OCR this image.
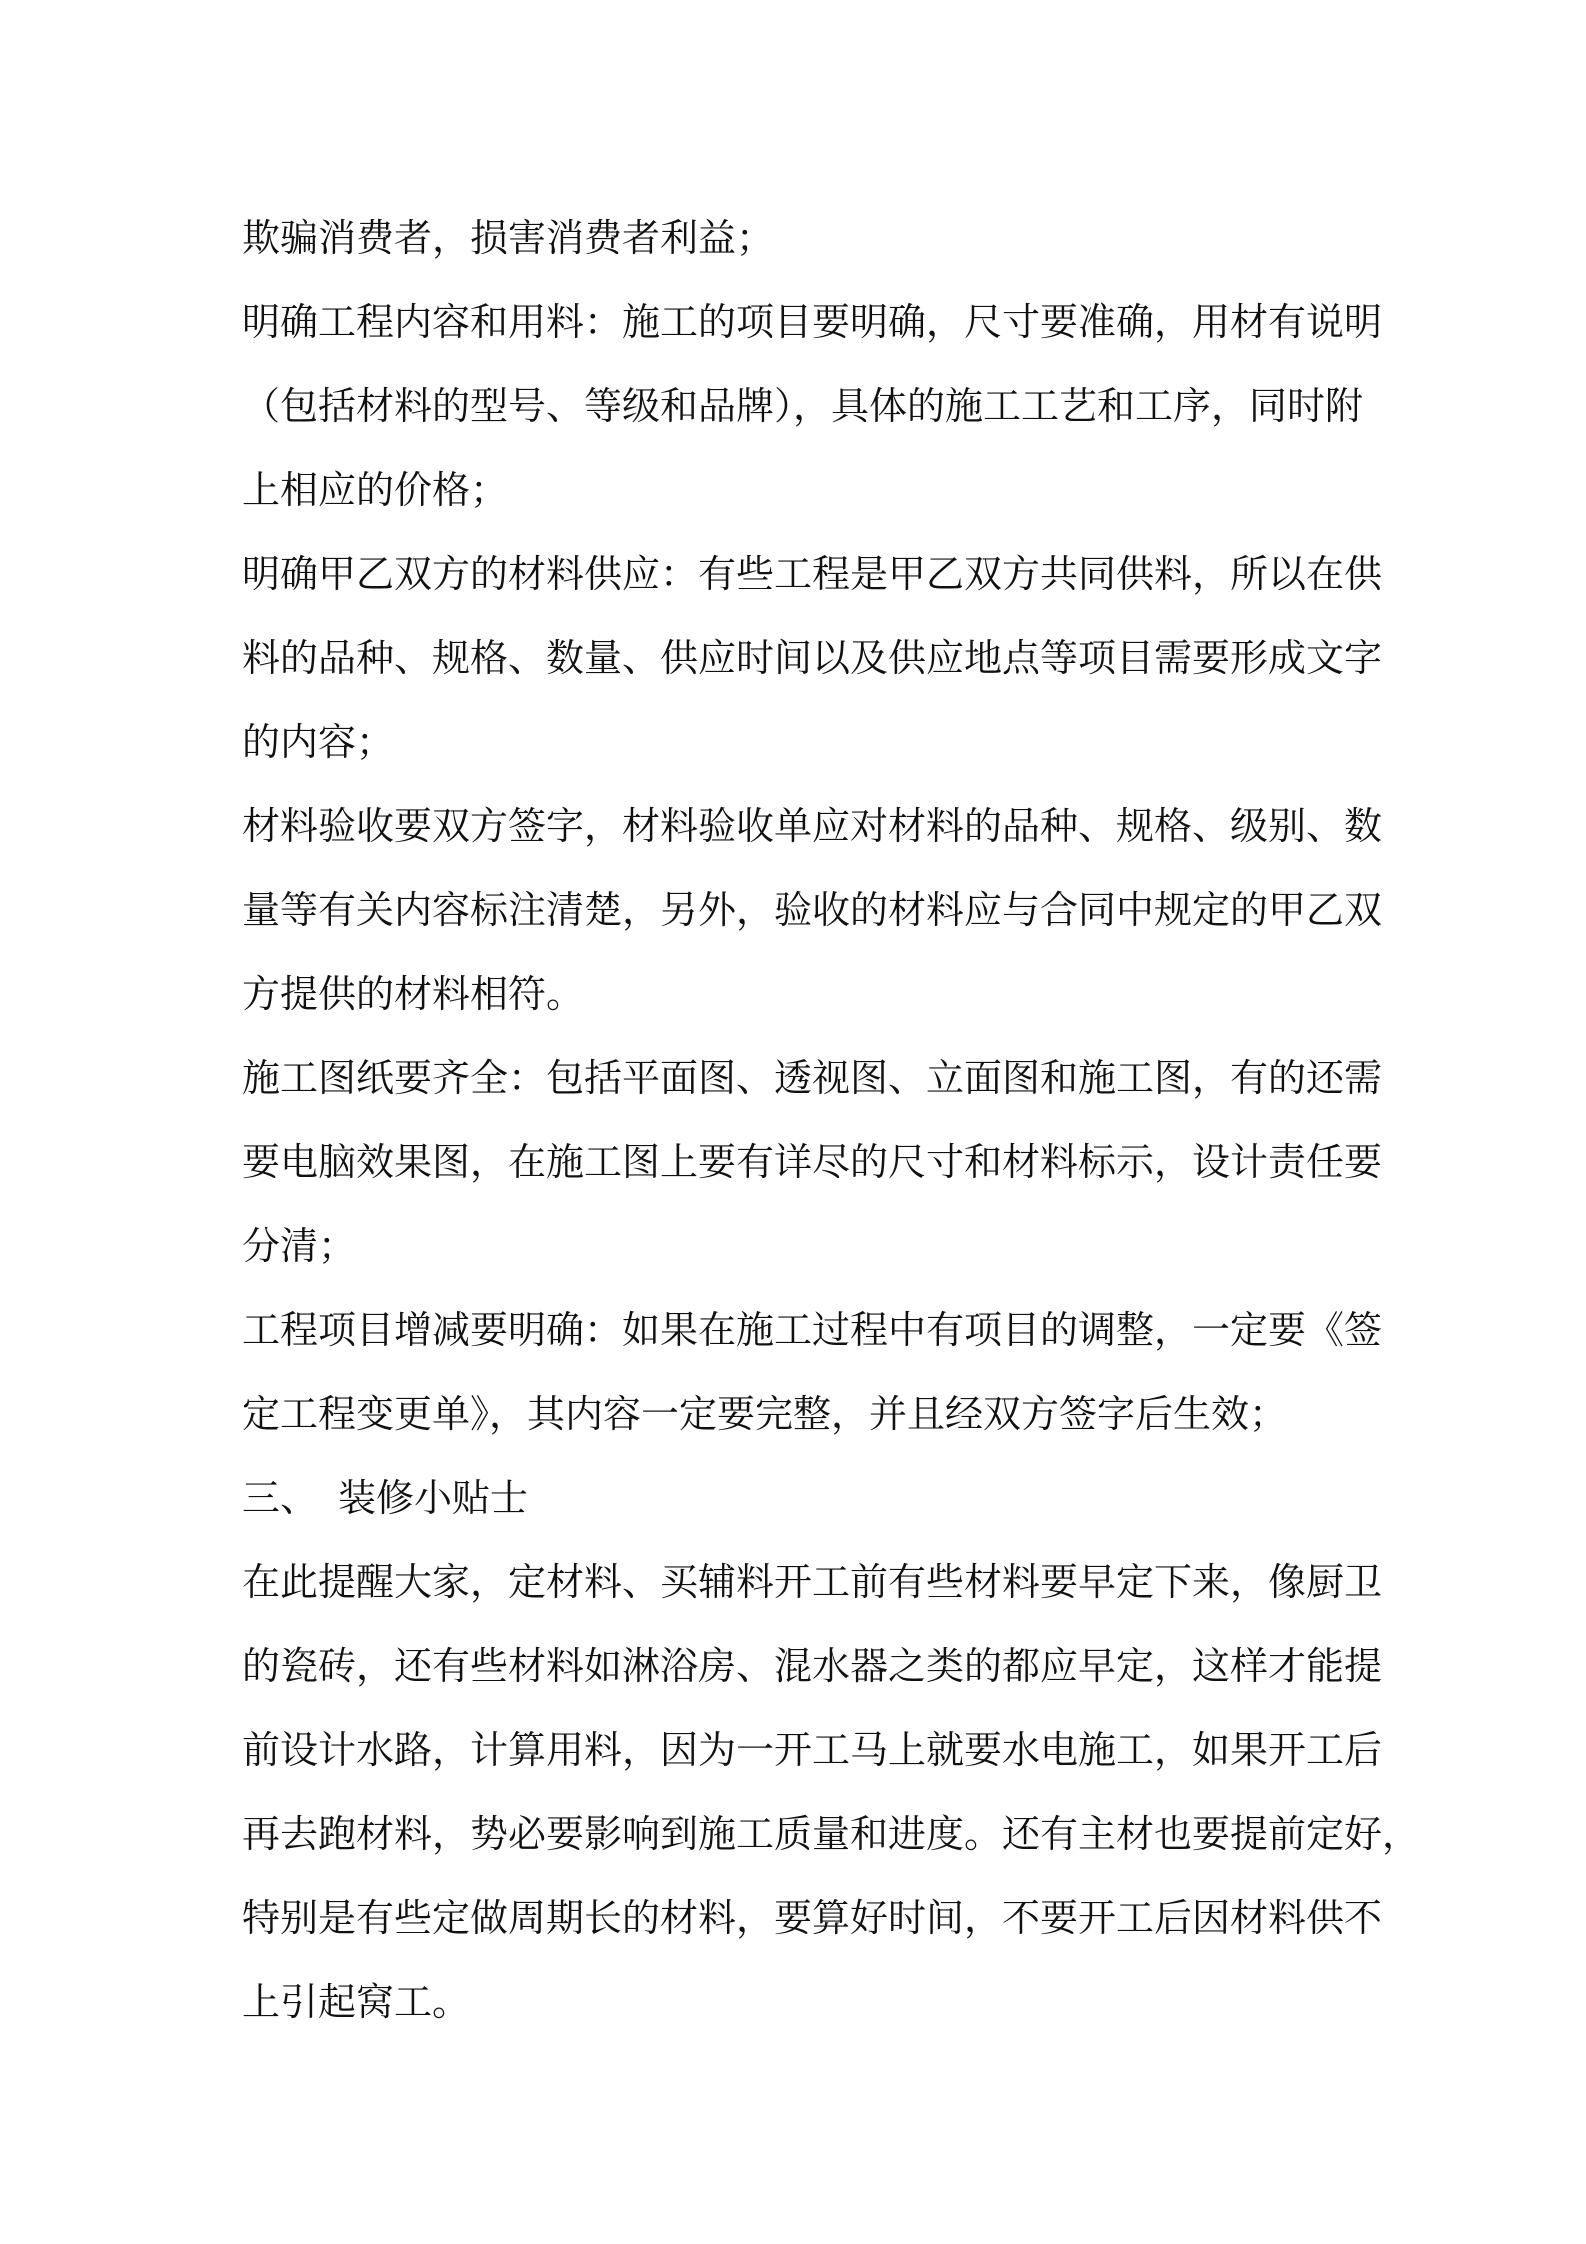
欺骗消费者，损害消费者利益；
明确工程内容和用料：施工的项目要明确，尺寸要准确，用材有说明
（包括材料的型号、等级和品牌），具体的施工工艺和工序，同时附
上相应的价格；
明确甲乙双方的材料供应：有些工程是甲乙双方共同供料，所以在供
料的品种、规格、数量、供应时间以及供应地点等项目需要形成文字
的内容；
材料验收要双方签字，材料验收单应对材料的品种、规格、级别、数
量等有关内容标注清楚，另外，验收的材料应与合同中规定的甲乙双
方提供的材料相符。
施工图纸要齐全：包括平面图、透视图、立面图和施工图，有的还需
要电脑效果图，在施工图上要有详尽的尺寸和材料标示，设计责任要
分清；
工程项目增减要明确：如果在施工过程中有项目的调整，一定要《签
定工程变更单》，其内容一定要完整，并且经双方签字后生效；
三、 装修小贴士
在此提醒大家，定材料、买辅料开工前有些材料要早定下来，像厨卫
的瓷砖，还有些材料如淋浴房、混水器之类的都应早定，这样才能提
前设计水路，计算用料，因为一开工马上就要水电施工，如果开工后
再去跑材料，势必要影响到施工质量和进度。还有主材也要提前定好，
特别是有些定做周期长的材料，要算好时间，不要开工后因材料供不
上引起窝工。
